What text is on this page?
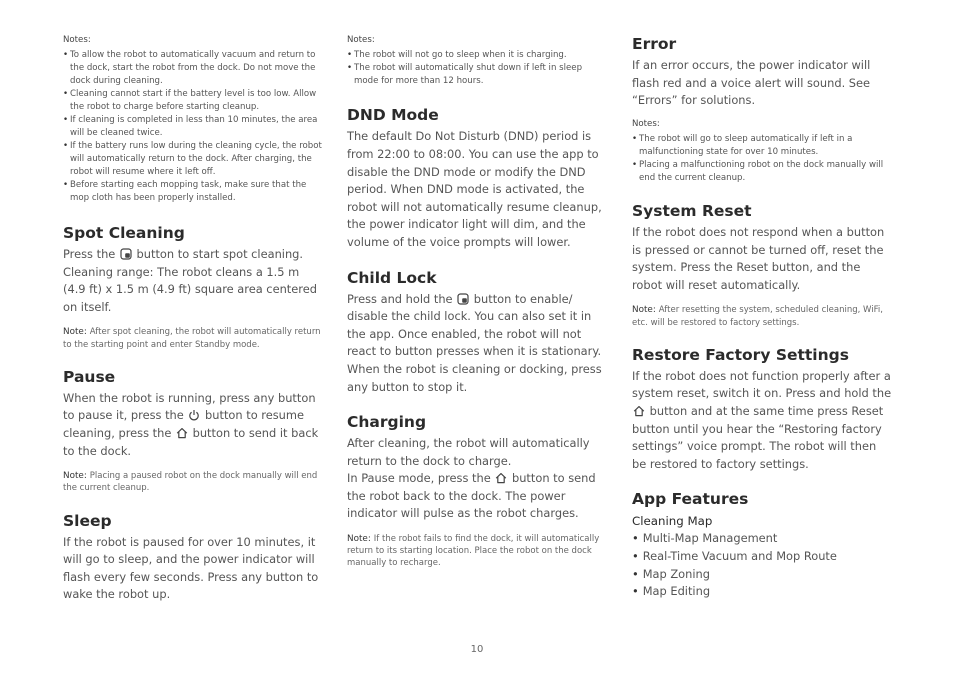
Notes:
• To allow the robot to automatically vacuum and return to the dock, start the robot from the dock. Do not move the dock during cleaning.
• Cleaning cannot start if the battery level is too low. Allow the robot to charge before starting cleanup.
• If cleaning is completed in less than 10 minutes, the area will be cleaned twice.
• If the battery runs low during the cleaning cycle, the robot will automatically return to the dock. After charging, the robot will resume where it left off.
• Before starting each mopping task, make sure that the mop cloth has been properly installed.
Spot Cleaning

Press the button to start spot cleaning. Cleaning range: The robot cleans a 1.5 m (4.9 ft) x 1.5 m (4.9 ft) square area centered on itself.

Note: After spot cleaning, the robot will automatically return to the starting point and enter Standby mode.

Pause

When the robot is running, press any button to pause it, press the button to resume cleaning, press the button to send it back to the dock.

Note: Placing a paused robot on the dock manually will end the current cleanup.

Sleep

If the robot is paused for over 10 minutes, it will go to sleep, and the power indicator will flash every few seconds. Press any button to wake the robot up.

Notes:
• The robot will not go to sleep when it is charging.
• The robot will automatically shut down if left in sleep mode for more than 12 hours.
DND Mode

The default Do Not Disturb (DND) period is from 22:00 to 08:00. You can use the app to disable the DND mode or modify the DND period. When DND mode is activated, the robot will not automatically resume cleanup, the power indicator light will dim, and the volume of the voice prompts will lower.

Child Lock

Press and hold the button to enable/ disable the child lock. You can also set it in the app. Once enabled, the robot will not react to button presses when it is stationary. When the robot is cleaning or docking, press any button to stop it.

Charging

After cleaning, the robot will automatically return to the dock to charge.
In Pause mode, press the button to send the robot back to the dock. The power indicator will pulse as the robot charges.

Note: If the robot fails to find the dock, it will automatically return to its starting location. Place the robot on the dock manually to recharge.

Error

If an error occurs, the power indicator will flash red and a voice alert will sound. See “Errors” for solutions.

Notes:
• The robot will go to sleep automatically if left in a malfunctioning state for over 10 minutes.
• Placing a malfunctioning robot on the dock manually will end the current cleanup.
System Reset

If the robot does not respond when a button is pressed or cannot be turned off, reset the system. Press the Reset button, and the robot will reset automatically.

Note: After resetting the system, scheduled cleaning, WiFi, etc. will be restored to factory settings.

Restore Factory Settings

If the robot does not function properly after a system reset, switch it on. Press and hold the
button and at the same time press Reset button until you hear the “Restoring factory settings” voice prompt. The robot will then be restored to factory settings.

App Features
Cleaning Map
• Multi-Map Management
• Real-Time Vacuum and Mop Route
• Map Zoning
• Map Editing
10
